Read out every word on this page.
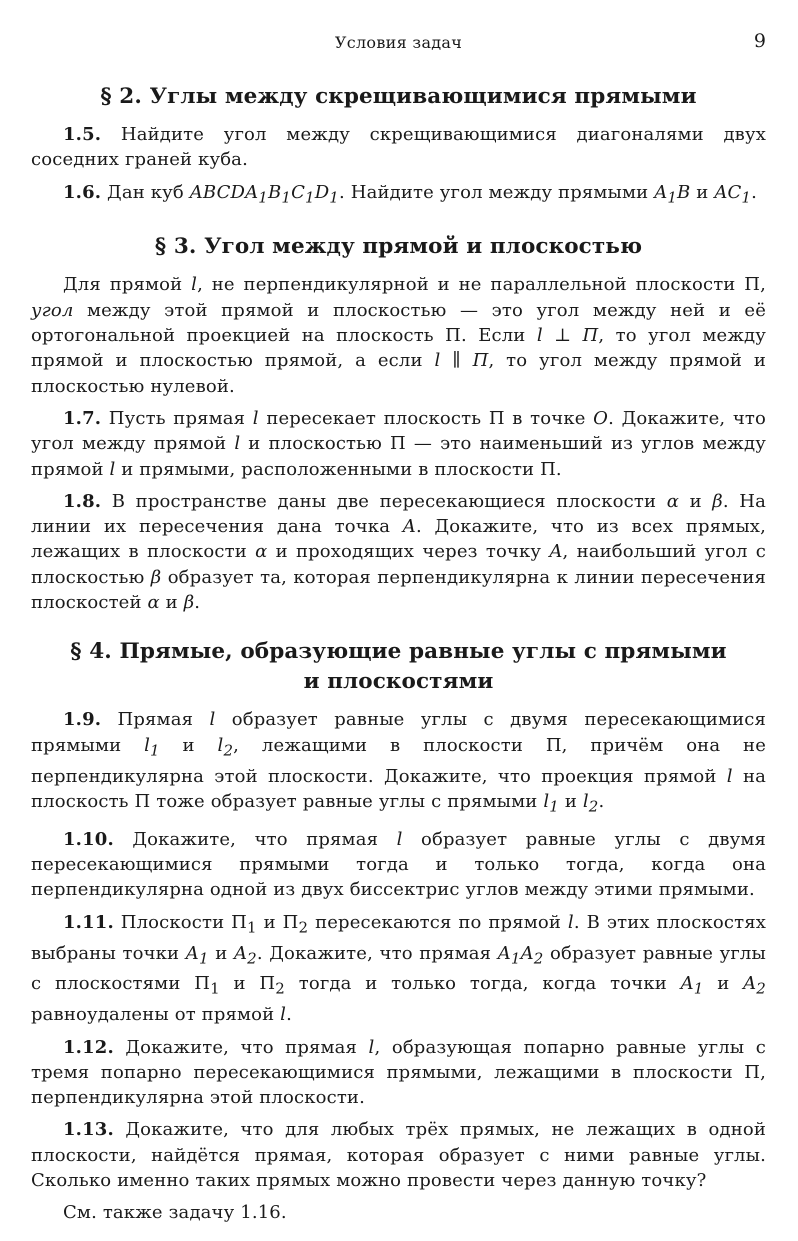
Условия задач	9
§ 2. Углы между скрещивающимися прямыми

1.5. Найдите угол между скрещивающимися диагоналями двух соседних граней куба.

1.6. Дан куб $ABCDA_1B_1C_1D_1$. Найдите угол между прямыми $A_1B$ и $AC_1$.

§ 3. Угол между прямой и плоскостью

Для прямой l, не перпендикулярной и не параллельной плоскости Π, угол между этой прямой и плоскостью — это угол между ней и её ортогональной проекцией на плоскость Π. Если l ⊥ Π, то угол между прямой и плоскостью прямой, а если l ∥ Π, то угол между прямой и плоскостью нулевой.

1.7. Пусть прямая l пересекает плоскость Π в точке O. Докажите, что угол между прямой l и плоскостью Π — это наименьший из углов между прямой l и прямыми, расположенными в плоскости Π.

1.8. В пространстве даны две пересекающиеся плоскости α и β. На линии их пересечения дана точка A. Докажите, что из всех прямых, лежащих в плоскости α и проходящих через точку A, наибольший угол с плоскостью β образует та, которая перпендикулярна к линии пересечения плоскостей α и β.

§ 4. Прямые, образующие равные углы с прямыми
и плоскостями

1.9. Прямая l образует равные углы с двумя пересекающимися прямыми $l_1$ и $l_2$, лежащими в плоскости Π, причём она не перпендикулярна этой плоскости. Докажите, что проекция прямой l на плоскость Π тоже образует равные углы с прямыми $l_1$ и $l_2$.

1.10. Докажите, что прямая l образует равные углы с двумя пересекающимися прямыми тогда и только тогда, когда она перпендикулярна одной из двух биссектрис углов между этими прямыми.

1.11. Плоскости $\Pi_1$ и $\Pi_2$ пересекаются по прямой l. В этих плоскостях выбраны точки $A_1$ и $A_2$. Докажите, что прямая $A_1A_2$ образует равные углы с плоскостями $\Pi_1$ и $\Pi_2$ тогда и только тогда, когда точки $A_1$ и $A_2$ равноудалены от прямой l.

1.12. Докажите, что прямая l, образующая попарно равные углы с тремя попарно пересекающимися прямыми, лежащими в плоскости Π, перпендикулярна этой плоскости.

1.13. Докажите, что для любых трёх прямых, не лежащих в одной плоскости, найдётся прямая, которая образует с ними равные углы. Сколько именно таких прямых можно провести через данную точку?

См. также задачу 1.16.
